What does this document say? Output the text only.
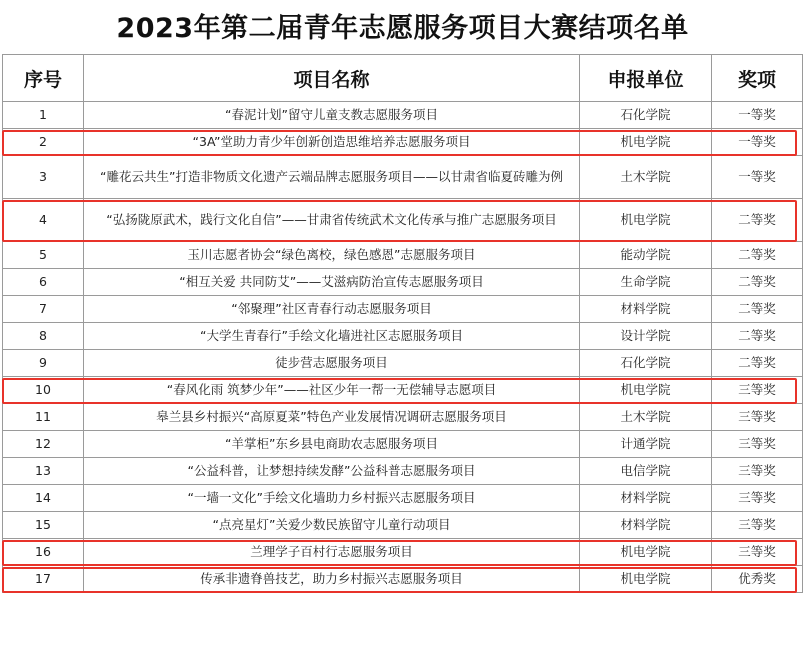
2023年第二届青年志愿服务项目大赛结项名单
序号	项目名称	申报单位	奖项
1	“春泥计划”留守儿童支教志愿服务项目	石化学院	一等奖
2	“3A”堂助力青少年创新创造思维培养志愿服务项目	机电学院	一等奖
3	“雕花云共生”打造非物质文化遗产云端品牌志愿服务项目——以甘肃省临夏砖雕为例	土木学院	一等奖
4	“弘扬陇原武术，践行文化自信”——甘肃省传统武术文化传承与推广志愿服务项目	机电学院	二等奖
5	玉川志愿者协会“绿色离校，绿色感恩”志愿服务项目	能动学院	二等奖
6	“相互关爱 共同防艾”——艾滋病防治宣传志愿服务项目	生命学院	二等奖
7	“邻聚理”社区青春行动志愿服务项目	材料学院	二等奖
8	“大学生青春行”手绘文化墙进社区志愿服务项目	设计学院	二等奖
9	徒步营志愿服务项目	石化学院	二等奖
10	“春风化雨 筑梦少年”——社区少年一帮一无偿辅导志愿项目	机电学院	三等奖
11	皋兰县乡村振兴“高原夏菜”特色产业发展情况调研志愿服务项目	土木学院	三等奖
12	“羊掌柜”东乡县电商助农志愿服务项目	计通学院	三等奖
13	“公益科普，让梦想持续发酵”公益科普志愿服务项目	电信学院	三等奖
14	“一墙一文化”手绘文化墙助力乡村振兴志愿服务项目	材料学院	三等奖
15	“点亮星灯”关爱少数民族留守儿童行动项目	材料学院	三等奖
16	兰理学子百村行志愿服务项目	机电学院	三等奖
17	传承非遗脊兽技艺，助力乡村振兴志愿服务项目	机电学院	优秀奖
